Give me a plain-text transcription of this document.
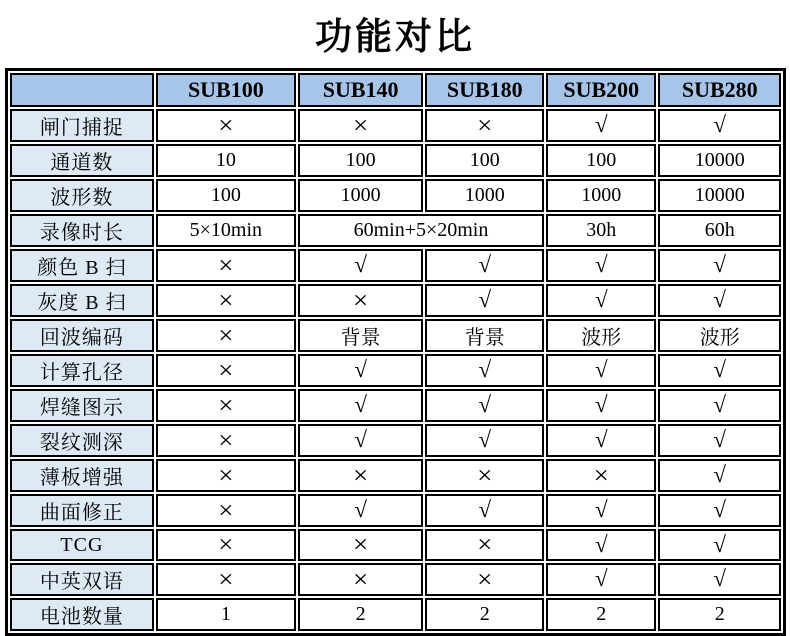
功能对比
	SUB100	SUB140	SUB180	SUB200	SUB280
闸门捕捉	×	×	×	√	√
通道数	10	100	100	100	10000
波形数	100	1000	1000	1000	10000
录像时长	5×10min	60min+5×20min		30h	60h
颜色 B 扫	×	√	√	√	√
灰度 B 扫	×	×	√	√	√
回波编码	×	背景	背景	波形	波形
计算孔径	×	√	√	√	√
焊缝图示	×	√	√	√	√
裂纹测深	×	√	√	√	√
薄板增强	×	×	×	×	√
曲面修正	×	√	√	√	√
TCG	×	×	×	√	√
中英双语	×	×	×	√	√
电池数量	1	2	2	2	2
